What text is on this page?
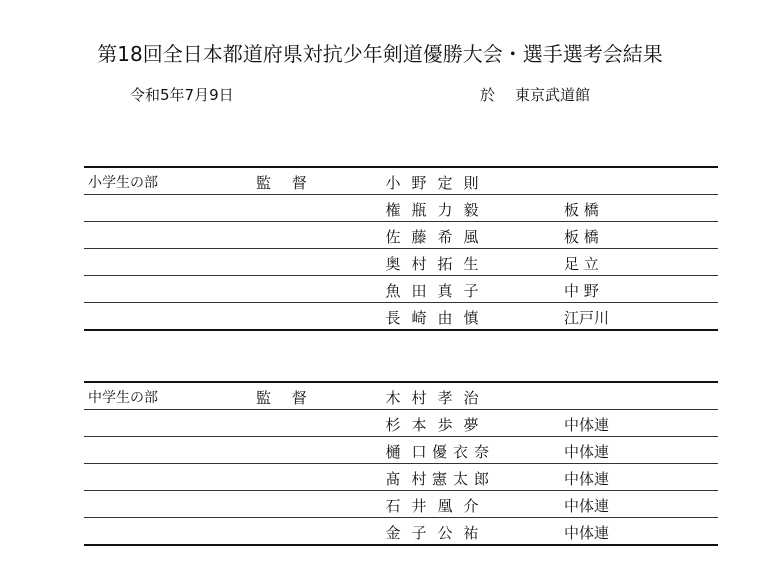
第18回全日本都道府県対抗少年剣道優勝大会・選手選考会結果
令和5年7月9日	於 東京武道館
小学生の部	監 督	小 野 定 則
権 瓶 力 毅	板 橋
佐 藤 希 風	板 橋
奥 村 拓 生	足 立
魚 田 真 子	中 野
長 崎 由 慎	江戸川
中学生の部	監 督	木 村 孝 治
杉 本 歩 夢	中体連
樋 口 優衣奈	中体連
髙 村 憲太郎	中体連
石 井 凰 介	中体連
金 子 公 祐	中体連
